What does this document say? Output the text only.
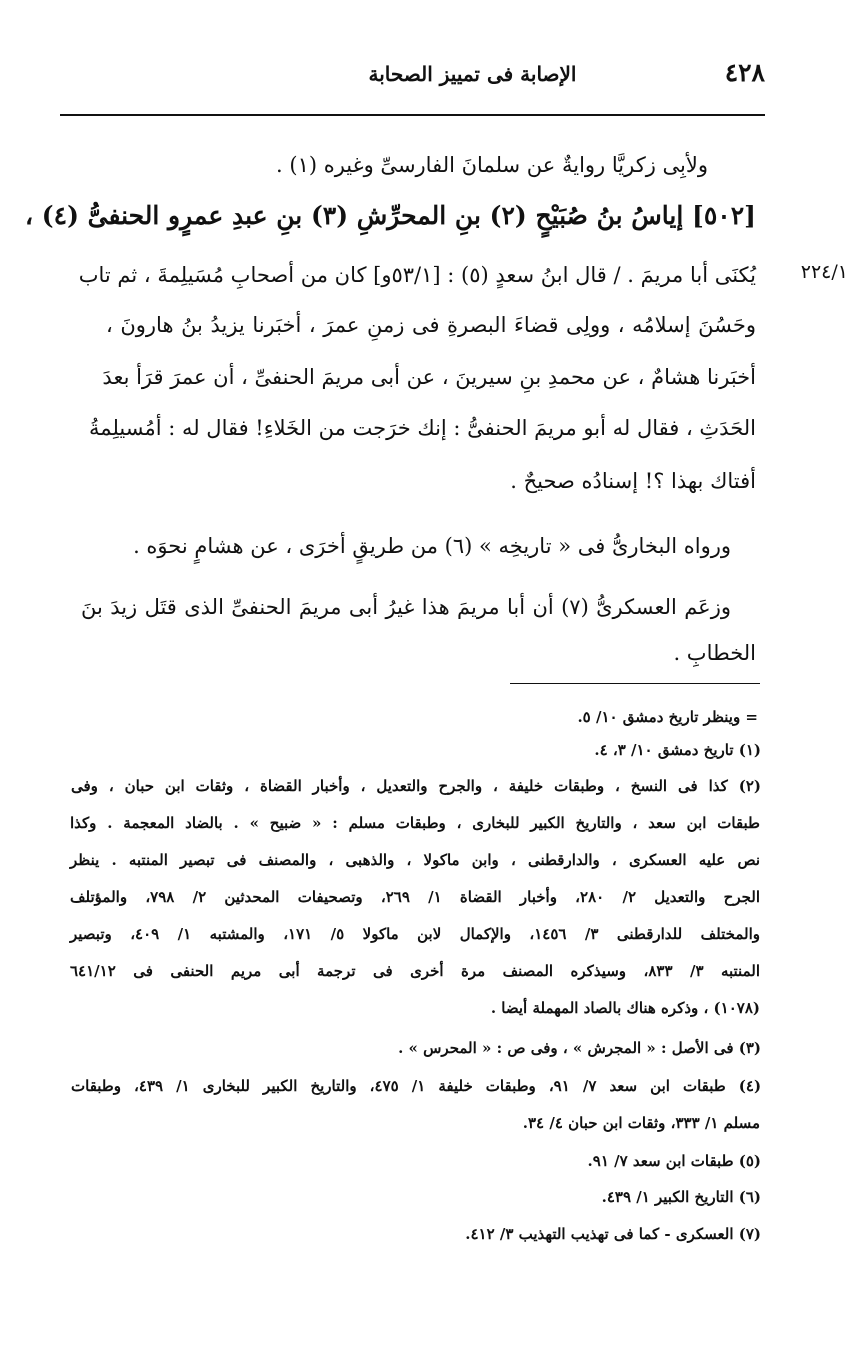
٤٢٨
الإصابة فى تمييز الصحابة
ولأبِى زكريَّا روايةٌ عن سلمانَ الفارسىِّ وغيره (١) .
[٥٠٢] إياسُ بنُ صُبَيْحٍ (٢) بنِ المحرِّشِ (٣) بنِ عبدِ عمرٍو الحنفىُّ (٤) ،
٢٢٤/١
يُكنَى أبا مريمَ . / قال ابنُ سعدٍ (٥) : [٥٣/١و] كان من أصحابِ مُسَيلِمةَ ، ثم تاب
وحَسُنَ إسلامُه ، وولِى قضاءَ البصرةِ فى زمنِ عمرَ ، أخبَرنا يزيدُ بنُ هارونَ ،
أخبَرنا هشامٌ ، عن محمدِ بنِ سيرينَ ، عن أبى مريمَ الحنفىِّ ، أن عمرَ قرَأ بعدَ
الحَدَثِ ، فقال له أبو مريمَ الحنفىُّ : إنك خرَجت من الخَلاءِ! فقال له : أمُسيلِمةُ
أفتاك بهذا ؟! إسنادُه صحيحٌ .
ورواه البخارىُّ فى « تاريخِه » (٦) من طريقٍ أخرَى ، عن هشامٍ نحوَه .
وزعَم العسكرىُّ (٧) أن أبا مريمَ هذا غيرُ أبى مريمَ الحنفىِّ الذى قتَل زيدَ بنَ
الخطابِ .
= وينظر تاريخ دمشق ١٠/ ٥.
(١) تاريخ دمشق ١٠/ ٣، ٤.
(٢) كذا فى النسخ ، وطبقات خليفة ، والجرح والتعديل ، وأخبار القضاة ، وثقات ابن حبان ، وفى
طبقات ابن سعد ، والتاريخ الكبير للبخارى ، وطبقات مسلم : « ضبيح » . بالضاد المعجمة . وكذا
نص عليه العسكرى ، والدارقطنى ، وابن ماكولا ، والذهبى ، والمصنف فى تبصير المنتبه . ينظر
الجرح والتعديل ٢/ ٢٨٠، وأخبار القضاة ١/ ٢٦٩، وتصحيفات المحدثين ٢/ ٧٩٨، والمؤتلف
والمختلف للدارقطنى ٣/ ١٤٥٦، والإكمال لابن ماكولا ٥/ ١٧١، والمشتبه ١/ ٤٠٩، وتبصير
المنتبه ٣/ ٨٣٣، وسيذكره المصنف مرة أخرى فى ترجمة أبى مريم الحنفى فى ٦٤١/١٢
(١٠٧٨) ، وذكره هناك بالصاد المهملة أيضا .
(٣) فى الأصل : « المجرش » ، وفى ص : « المحرس » .
(٤) طبقات ابن سعد ٧/ ٩١، وطبقات خليفة ١/ ٤٧٥، والتاريخ الكبير للبخارى ١/ ٤٣٩، وطبقات
مسلم ١/ ٣٣٣، وثقات ابن حبان ٤/ ٣٤.
(٥) طبقات ابن سعد ٧/ ٩١.
(٦) التاريخ الكبير ١/ ٤٣٩.
(٧) العسكرى - كما فى تهذيب التهذيب ٣/ ٤١٢.
